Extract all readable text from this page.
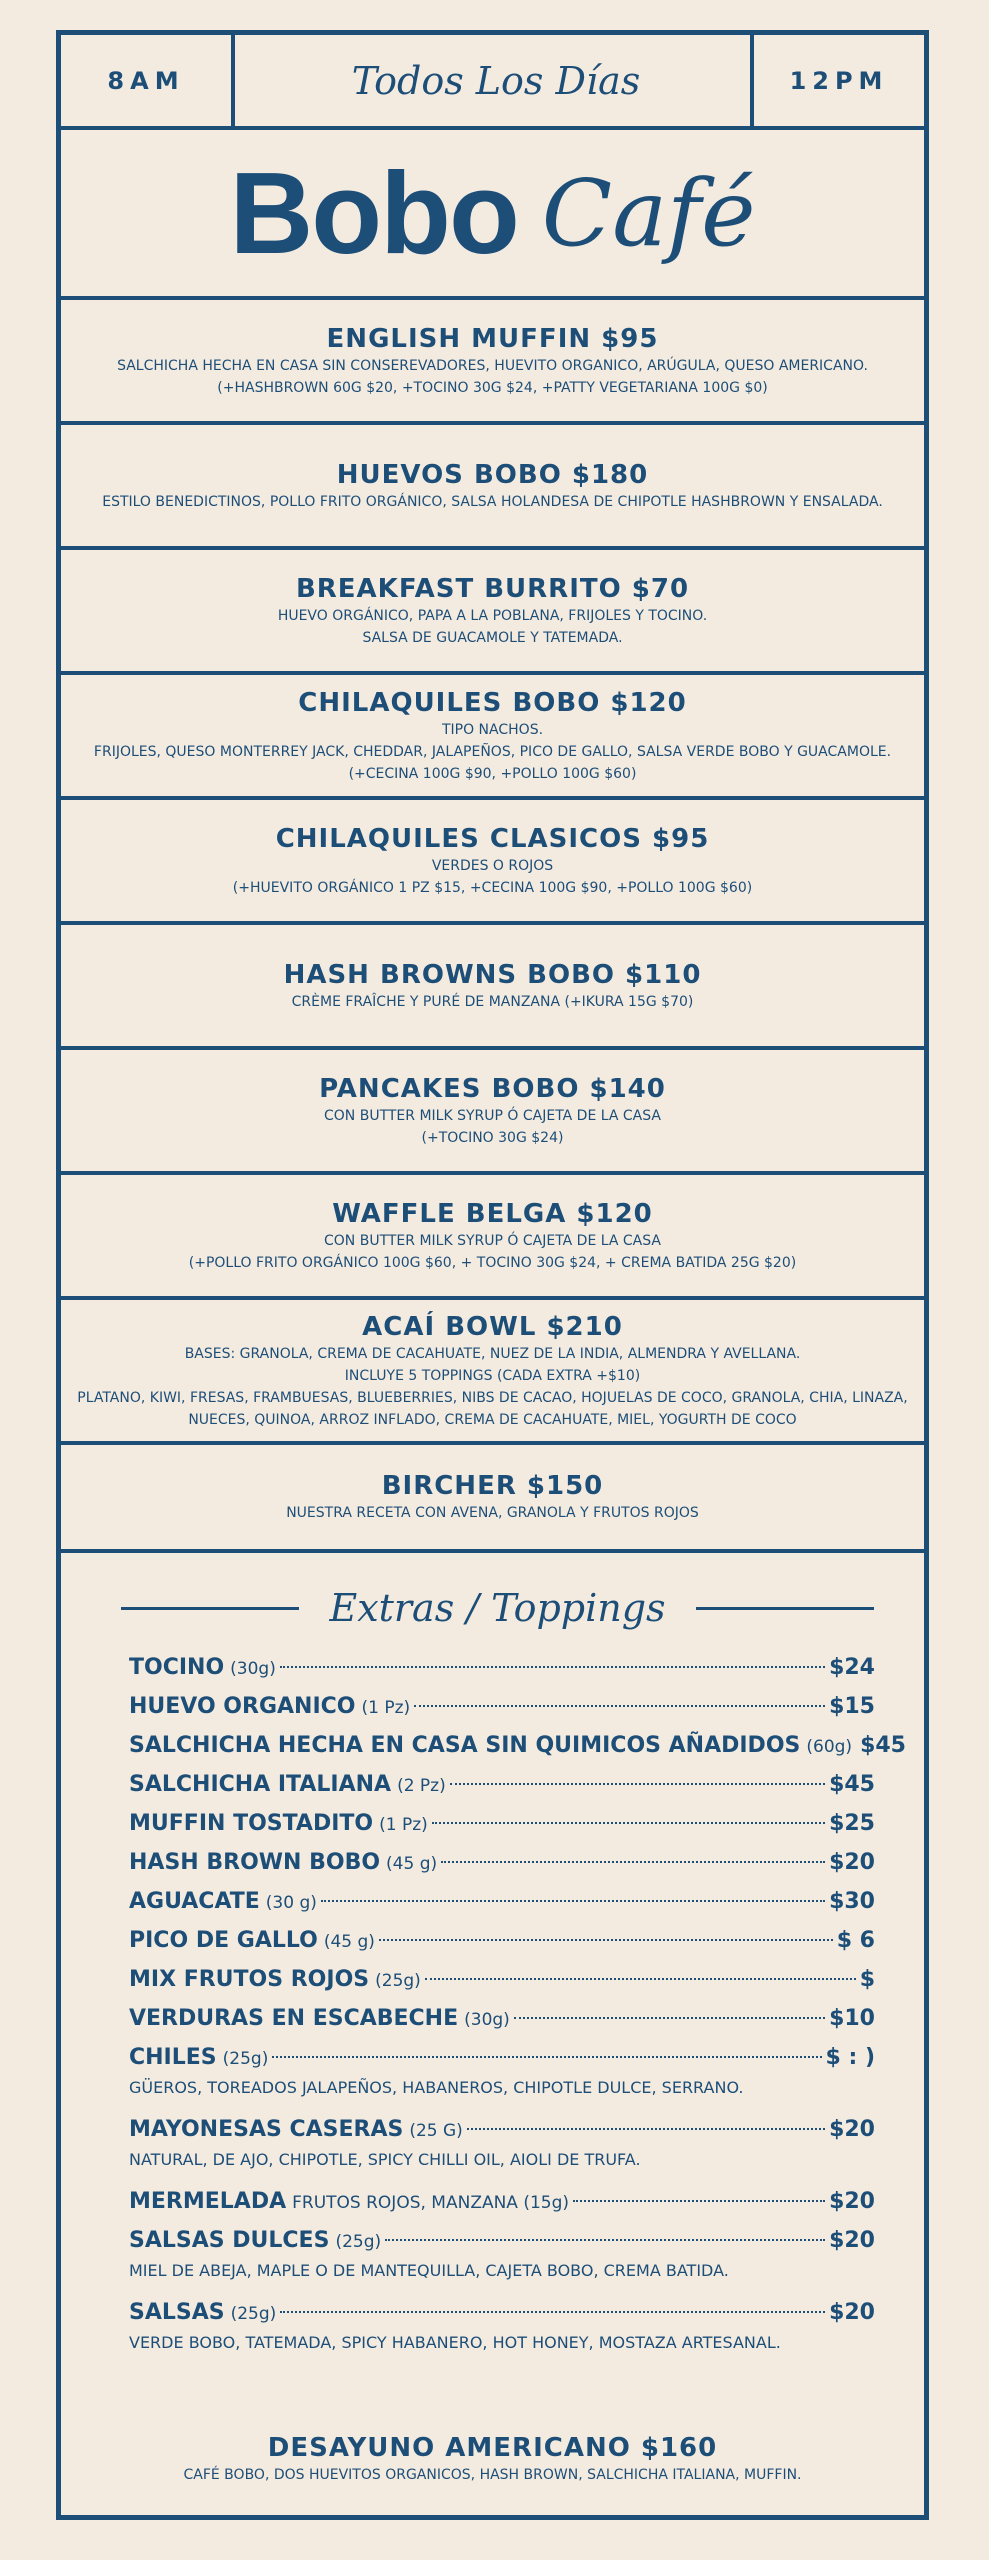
8AM	Todos Los Días	12PM
Bobo Café
ENGLISH MUFFIN $95
SALCHICHA HECHA EN CASA SIN CONSEREVADORES, HUEVITO ORGANICO, ARÚGULA, QUESO AMERICANO.
(+HASHBROWN 60G $20, +TOCINO 30G $24, +PATTY VEGETARIANA 100G $0)
HUEVOS BOBO $180
ESTILO BENEDICTINOS, POLLO FRITO ORGÁNICO, SALSA HOLANDESA DE CHIPOTLE HASHBROWN Y ENSALADA.
BREAKFAST BURRITO $70
HUEVO ORGÁNICO, PAPA A LA POBLANA, FRIJOLES Y TOCINO.
SALSA DE GUACAMOLE Y TATEMADA.
CHILAQUILES BOBO $120
TIPO NACHOS.
FRIJOLES, QUESO MONTERREY JACK, CHEDDAR, JALAPEÑOS, PICO DE GALLO, SALSA VERDE BOBO Y GUACAMOLE.
(+CECINA 100G $90, +POLLO 100G $60)
CHILAQUILES CLASICOS $95
VERDES O ROJOS
(+HUEVITO ORGÁNICO 1 PZ $15, +CECINA 100G $90, +POLLO 100G $60)
HASH BROWNS BOBO $110
CRÈME FRAÎCHE Y PURÉ DE MANZANA (+IKURA 15G $70)
PANCAKES BOBO $140
CON BUTTER MILK SYRUP Ó CAJETA DE LA CASA
(+TOCINO 30G $24)
WAFFLE BELGA $120
CON BUTTER MILK SYRUP Ó CAJETA DE LA CASA
(+POLLO FRITO ORGÁNICO 100G $60, + TOCINO 30G $24, + CREMA BATIDA 25G $20)
ACAÍ BOWL $210
BASES: GRANOLA, CREMA DE CACAHUATE, NUEZ DE LA INDIA, ALMENDRA Y AVELLANA.
INCLUYE 5 TOPPINGS (CADA EXTRA +$10)
PLATANO, KIWI, FRESAS, FRAMBUESAS, BLUEBERRIES, NIBS DE CACAO, HOJUELAS DE COCO, GRANOLA, CHIA, LINAZA,
NUECES, QUINOA, ARROZ INFLADO, CREMA DE CACAHUATE, MIEL, YOGURTH DE COCO
BIRCHER $150
NUESTRA RECETA CON AVENA, GRANOLA Y FRUTOS ROJOS
Extras / Toppings
TOCINO (30g)	$24
HUEVO ORGANICO (1 Pz)	$15
SALCHICHA HECHA EN CASA SIN QUIMICOS AÑADIDOS (60g) $45
SALCHICHA ITALIANA (2 Pz)	$45
MUFFIN TOSTADITO (1 Pz)	$25
HASH BROWN BOBO (45 g)	$20
AGUACATE (30 g)	$30
PICO DE GALLO (45 g)	$ 6
MIX FRUTOS ROJOS (25g)	$
VERDURAS EN ESCABECHE (30g)	$10
CHILES (25g)	$ : )
GÜEROS, TOREADOS JALAPEÑOS, HABANEROS, CHIPOTLE DULCE, SERRANO.
MAYONESAS CASERAS (25 G)	$20
NATURAL, DE AJO, CHIPOTLE, SPICY CHILLI OIL, AIOLI DE TRUFA.
MERMELADA FRUTOS ROJOS, MANZANA (15g)	$20
SALSAS DULCES (25g)	$20
MIEL DE ABEJA, MAPLE O DE MANTEQUILLA, CAJETA BOBO, CREMA BATIDA.
SALSAS (25g)	$20
VERDE BOBO, TATEMADA, SPICY HABANERO, HOT HONEY, MOSTAZA ARTESANAL.
DESAYUNO AMERICANO $160
CAFÉ BOBO, DOS HUEVITOS ORGANICOS, HASH BROWN, SALCHICHA ITALIANA, MUFFIN.
